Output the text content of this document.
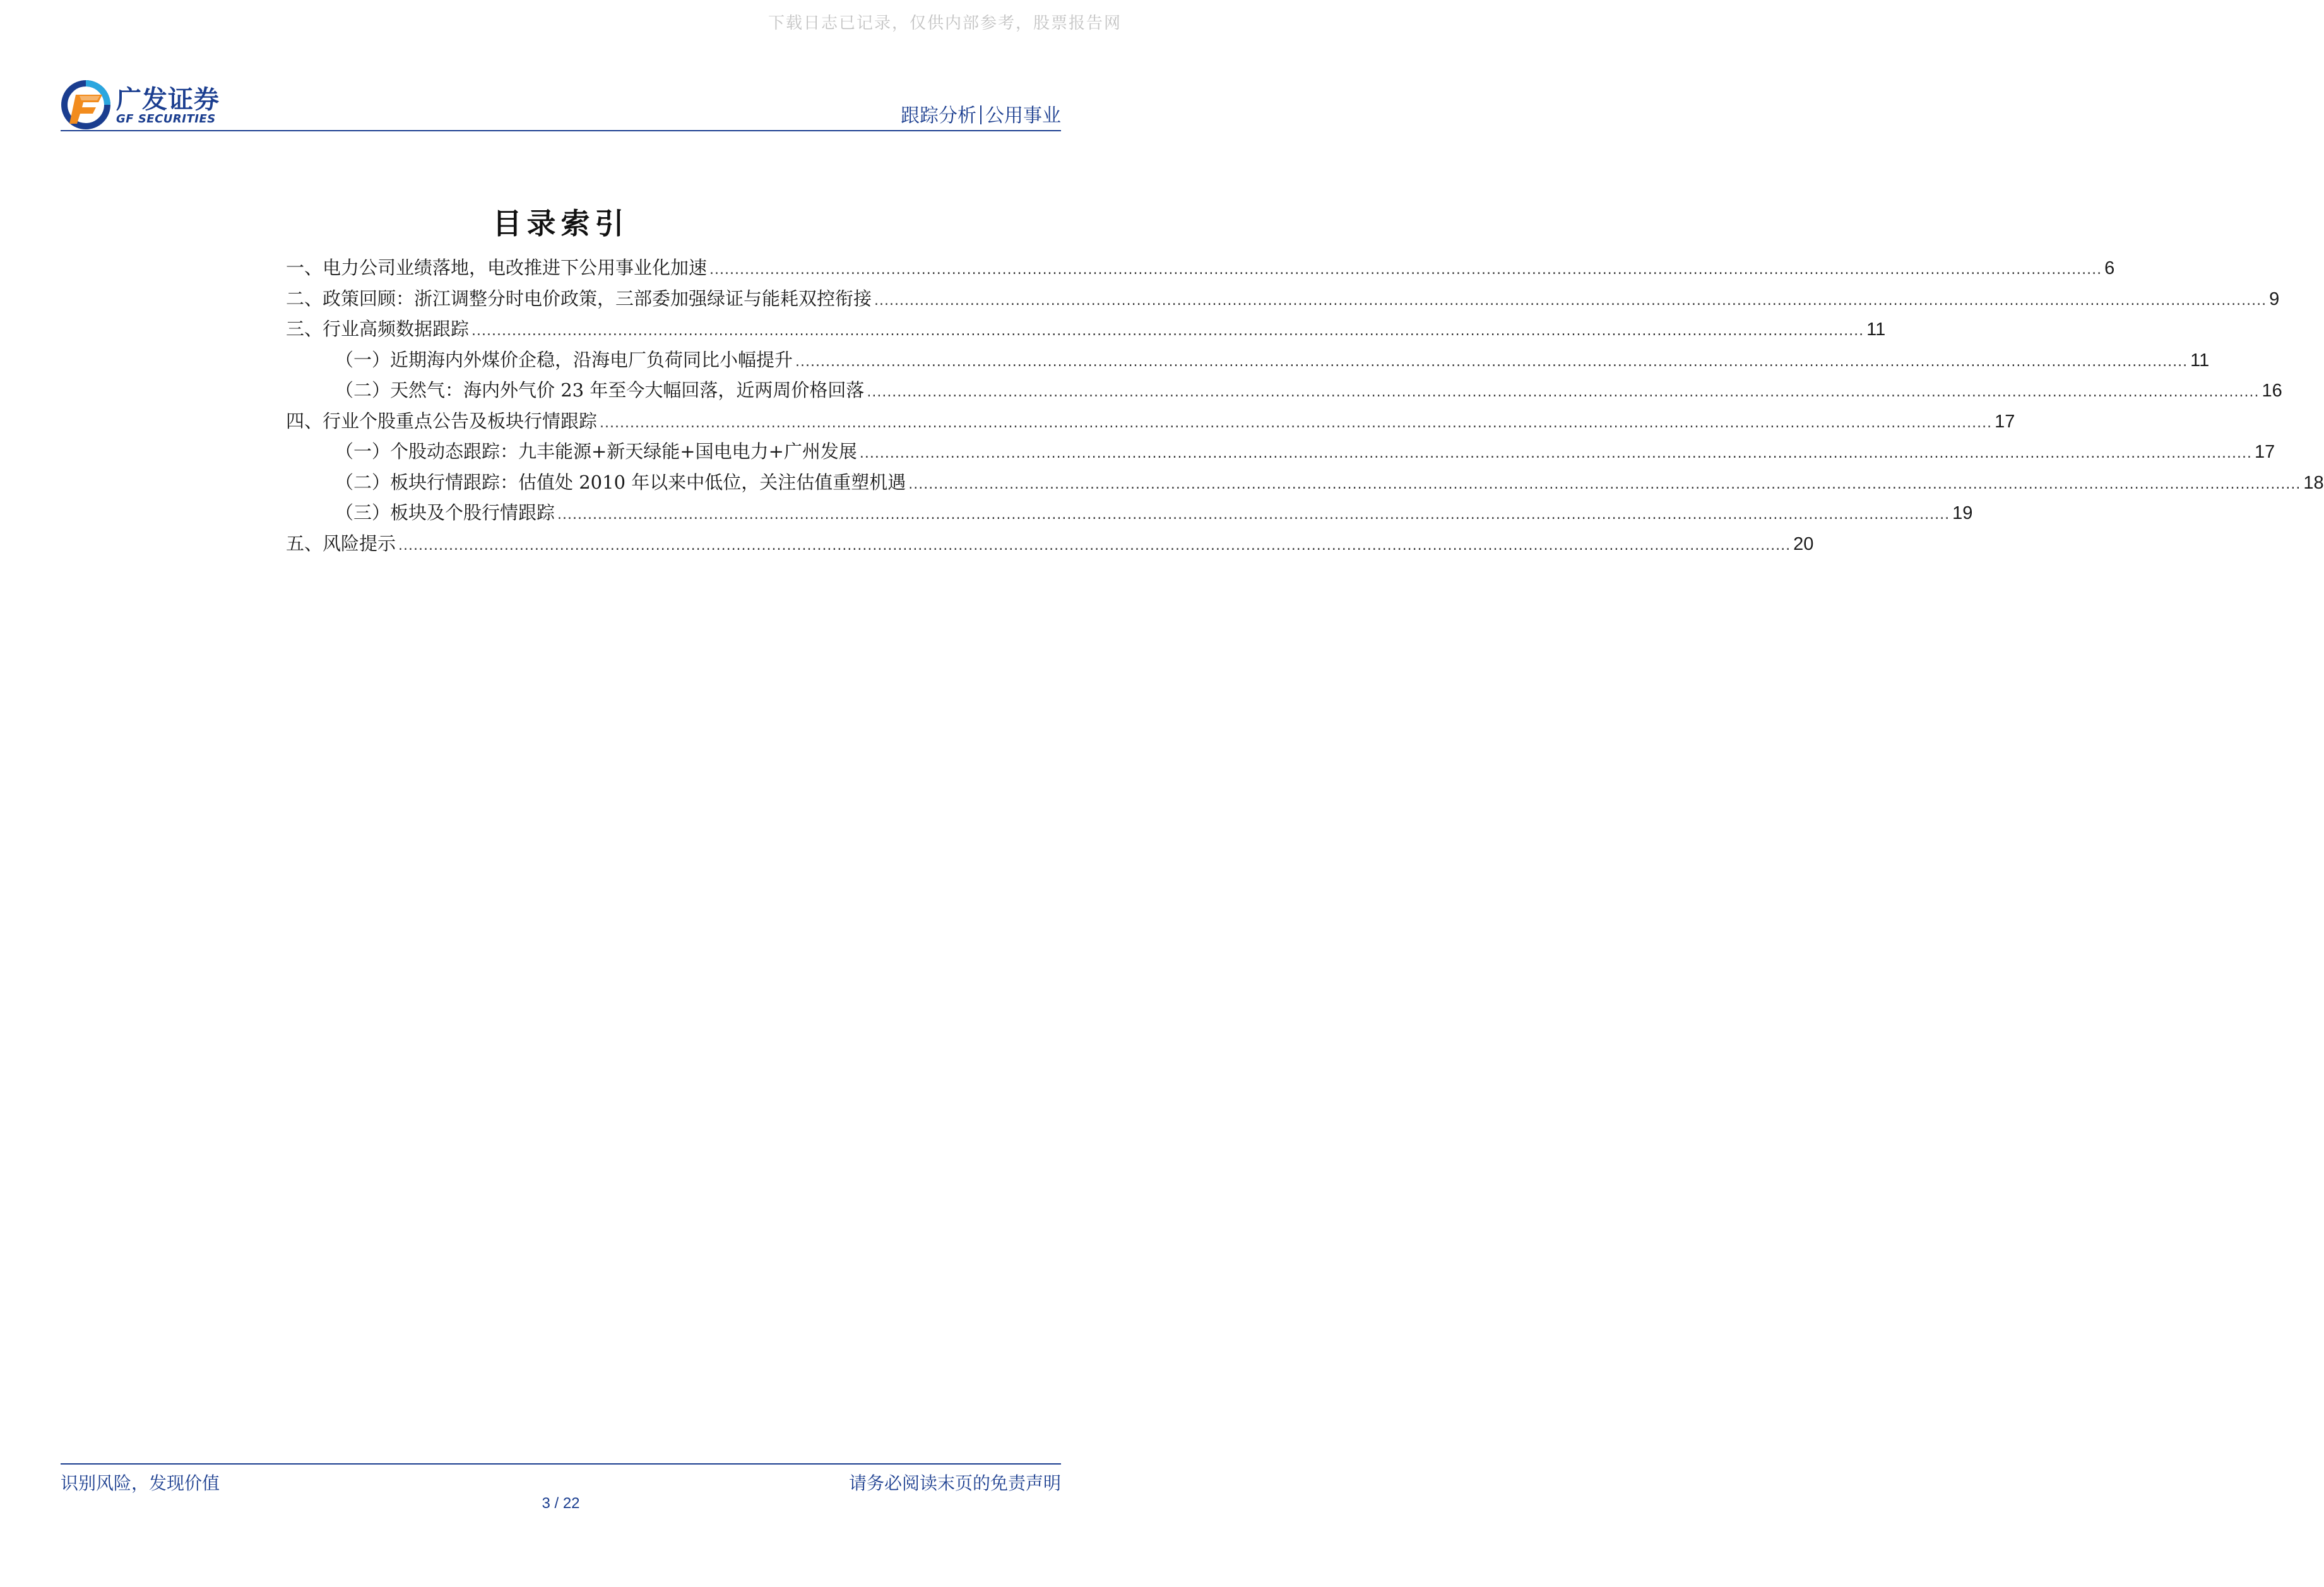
下载日志已记录，仅供内部参考，股票报告网
广发证券
GF SECURITIES	跟踪分析 公用事业
目录索引
一、电力公司业绩落地，电改推进下公用事业化加速 .....	6
二、政策回顾：浙江调整分时电价政策，三部委加强绿证与能耗双控衔接 .....	9
三、行业高频数据跟踪 .....	11
（一）近期海内外煤价企稳，沿海电厂负荷同比小幅提升 .....	11
（二）天然气：海内外气价 23 年至今大幅回落，近两周价格回落 .....	16
四、行业个股重点公告及板块行情跟踪 .....	17
（一）个股动态跟踪：九丰能源+新天绿能+国电电力+广州发展 .....	17
（二）板块行情跟踪：估值处 2010 年以来中低位，关注估值重塑机遇 .....	18
（三）板块及个股行情跟踪 .....	19
五、风险提示 .....	20
识别风险，发现价值	请务必阅读末页的免责声明
3 / 22
